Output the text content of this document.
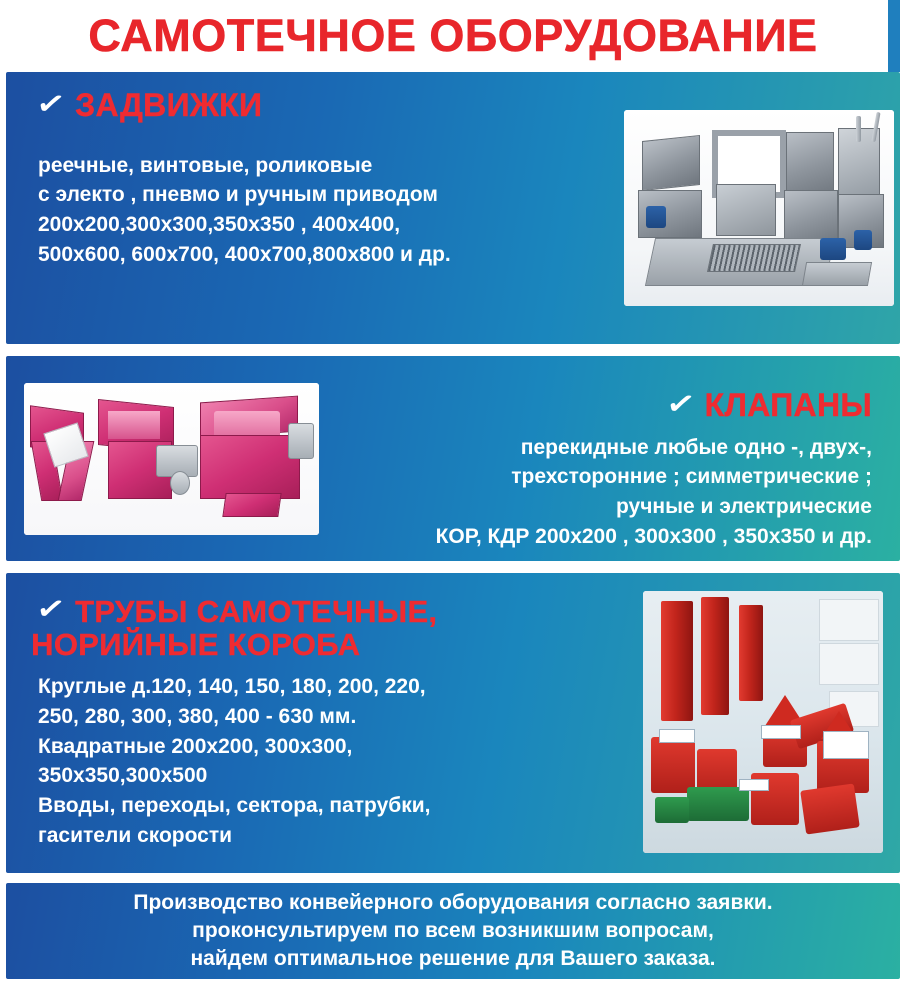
САМОТЕЧНОЕ ОБОРУДОВАНИЕ
✓ ЗАДВИЖКИ
реечные, винтовые, роликовые
с электо , пневмо и ручным приводом
200x200,300x300,350x350 , 400x400,
500x600, 600x700, 400x700,800x800 и др.
✓ КЛАПАНЫ
перекидные любые одно -, двух-,
трехсторонние ; симметрические ;
ручные и электрические
КОР, КДР 200x200 , 300x300 , 350x350 и др.
✓ ТРУБЫ САМОТЕЧНЫЕ,
НОРИЙНЫЕ КОРОБА
Круглые д.120, 140, 150, 180, 200, 220,
250, 280, 300, 380, 400 - 630 мм.
Квадратные 200x200, 300x300,
350x350,300x500
Вводы, переходы, сектора, патрубки,
гасители скорости
Производство конвейерного оборудования согласно заявки.
проконсультируем по всем возникшим вопросам,
найдем оптимальное решение для Вашего заказа.
